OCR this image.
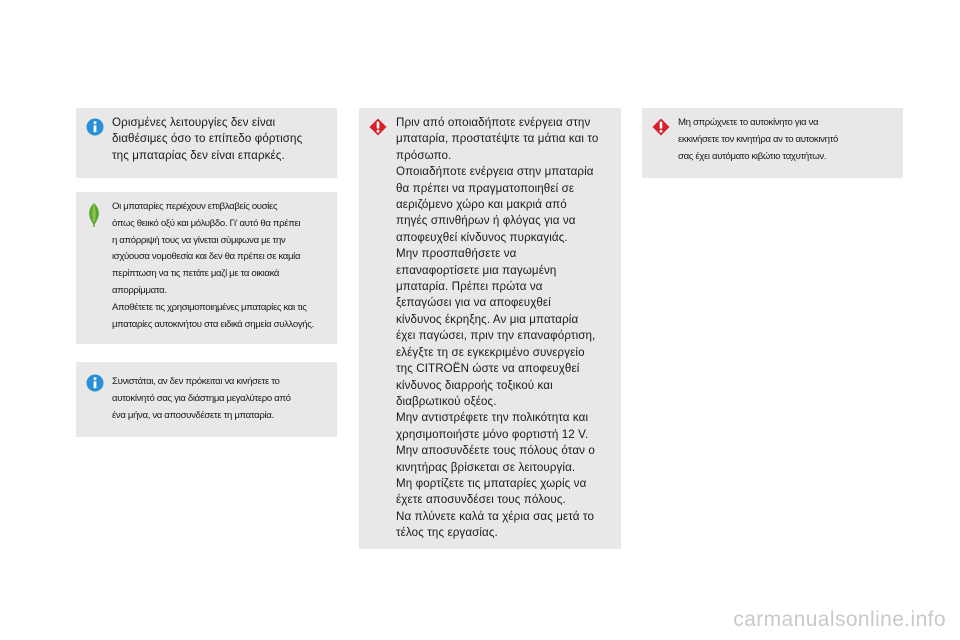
Ορισμένες λειτουργίες δεν είναι
διαθέσιμες όσο το επίπεδο φόρτισης
της μπαταρίας δεν είναι επαρκές.
Οι μπαταρίες περιέχουν επιβλαβείς ουσίες
όπως θειικό οξύ και μόλυβδο. Γι' αυτό θα πρέπει
η απόρριψή τους να γίνεται σύμφωνα με την
ισχύουσα νομοθεσία και δεν θα πρέπει σε καμία
περίπτωση να τις πετάτε μαζί με τα οικιακά
απορρίμματα.
Αποθέτετε τις χρησιμοποιημένες μπαταρίες και τις
μπαταρίες αυτοκινήτου στα ειδικά σημεία συλλογής.
Συνιστάται, αν δεν πρόκειται να κινήσετε το
αυτοκίνητό σας για διάστημα μεγαλύτερο από
ένα μήνα, να αποσυνδέσετε τη μπαταρία.
Πριν από οποιαδήποτε ενέργεια στην
μπαταρία, προστατέψτε τα μάτια και το
πρόσωπο.
Οποιαδήποτε ενέργεια στην μπαταρία
θα πρέπει να πραγματοποιηθεί σε
αεριζόμενο χώρο και μακριά από
πηγές σπινθήρων ή φλόγας για να
αποφευχθεί κίνδυνος πυρκαγιάς.
Μην προσπαθήσετε να
επαναφορτίσετε μια παγωμένη
μπαταρία. Πρέπει πρώτα να
ξεπαγώσει για να αποφευχθεί
κίνδυνος έκρηξης. Αν μια μπαταρία
έχει παγώσει, πριν την επαναφόρτιση,
ελέγξτε τη σε εγκεκριμένο συνεργείο
της CITROËN ώστε να αποφευχθεί
κίνδυνος διαρροής τοξικού και
διαβρωτικού οξέος.
Μην αντιστρέφετε την πολικότητα και
χρησιμοποιήστε μόνο φορτιστή 12 V.
Μην αποσυνδέετε τους πόλους όταν ο
κινητήρας βρίσκεται σε λειτουργία.
Μη φορτίζετε τις μπαταρίες χωρίς να
έχετε αποσυνδέσει τους πόλους.
Να πλύνετε καλά τα χέρια σας μετά το
τέλος της εργασίας.
Μη σπρώχνετε το αυτοκίνητο για να
εκκινήσετε τον κινητήρα αν το αυτοκινητό
σας έχει αυτόματο κιβώτιο ταχυτήτων.
carmanualsonline.info
